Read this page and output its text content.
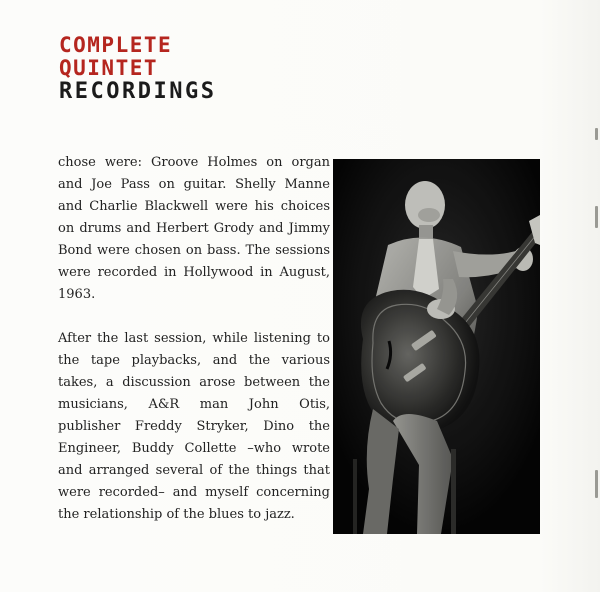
COMPLETE
QUINTET
RECORDINGS

chose were: Groove Holmes on organ and Joe Pass on guitar. Shelly Manne and Charlie Blackwell were his choices on drums and Herbert Grody and Jimmy Bond were chosen on bass. The sessions were recorded in Hollywood in August, 1963.

After the last session, while listening to the tape playbacks, and the various takes, a discussion arose between the musicians, A&R man John Otis, publisher Freddy Stryker, Dino the Engineer, Buddy Collette –who wrote and arranged several of the things that were recorded– and myself concerning the relationship of the blues to jazz.
